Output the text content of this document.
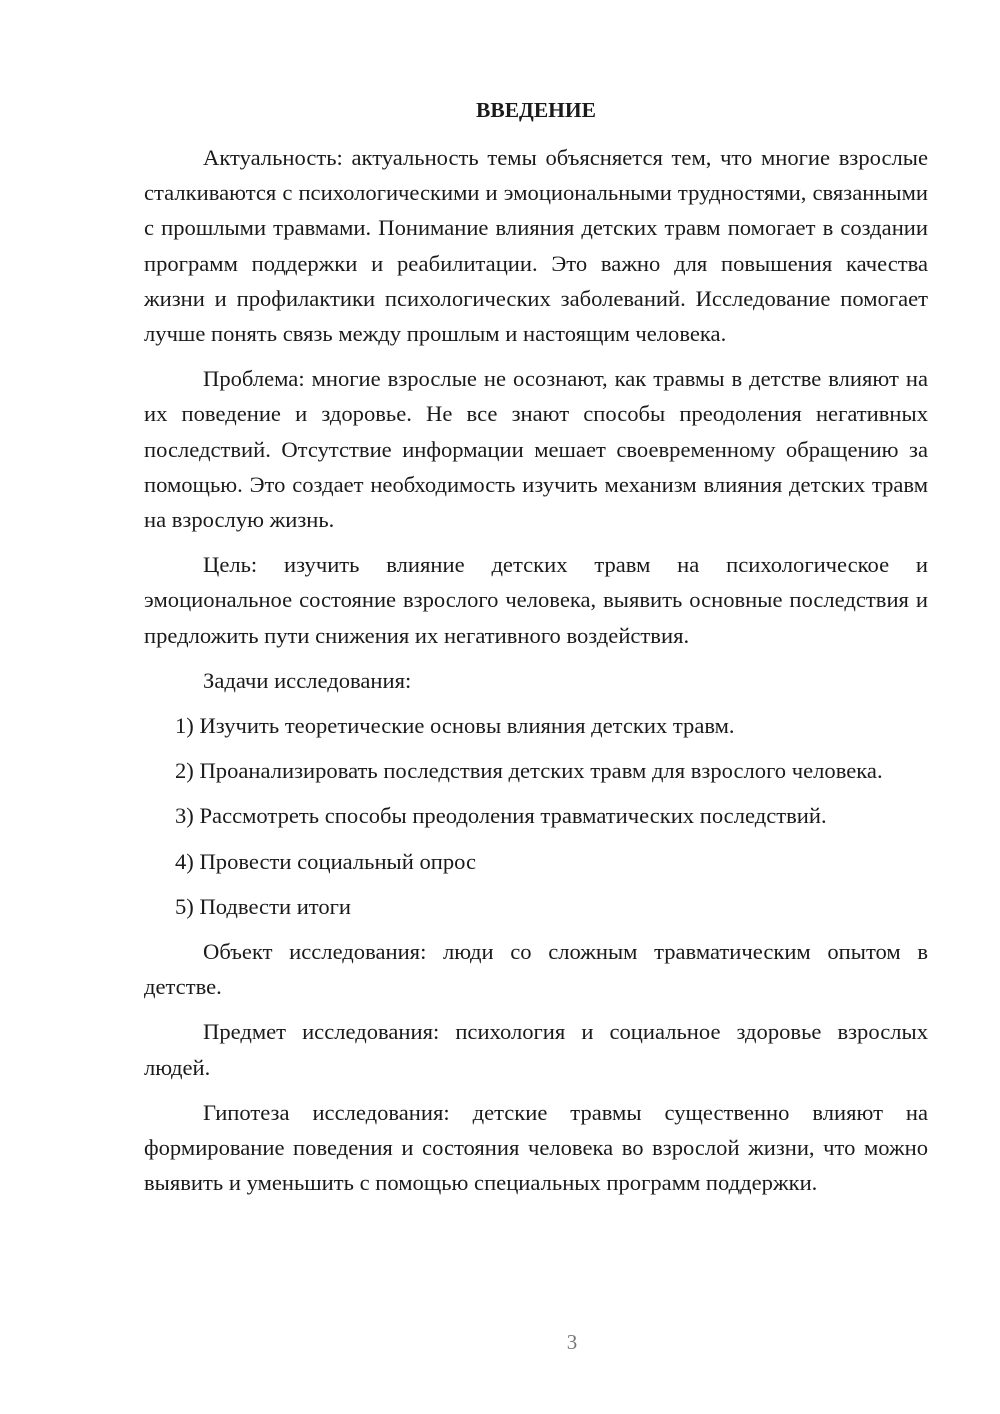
ВВЕДЕНИЕ

Актуальность: актуальность темы объясняется тем, что многие взрослые сталкиваются с психологическими и эмоциональными трудностями, связанными с прошлыми травмами. Понимание влияния детских травм помогает в создании программ поддержки и реабилитации. Это важно для повышения качества жизни и профилактики психологических заболеваний. Исследование помогает лучше понять связь между прошлым и настоящим человека.

Проблема: многие взрослые не осознают, как травмы в детстве влияют на их поведение и здоровье. Не все знают способы преодоления негативных последствий. Отсутствие информации мешает своевременному обращению за помощью. Это создает необходимость изучить механизм влияния детских травм на взрослую жизнь.

Цель: изучить влияние детских травм на психологическое и эмоциональное состояние взрослого человека, выявить основные последствия и предложить пути снижения их негативного воздействия.

Задачи исследования:

1) Изучить теоретические основы влияния детских травм.

2) Проанализировать последствия детских травм для взрослого человека.

3) Рассмотреть способы преодоления травматических последствий.

4) Провести социальный опрос

5) Подвести итоги

Объект исследования: люди со сложным травматическим опытом в детстве.

Предмет исследования: психология и социальное здоровье взрослых людей.

Гипотеза исследования: детские травмы существенно влияют на формирование поведения и состояния человека во взрослой жизни, что можно выявить и уменьшить с помощью специальных программ поддержки.

3
